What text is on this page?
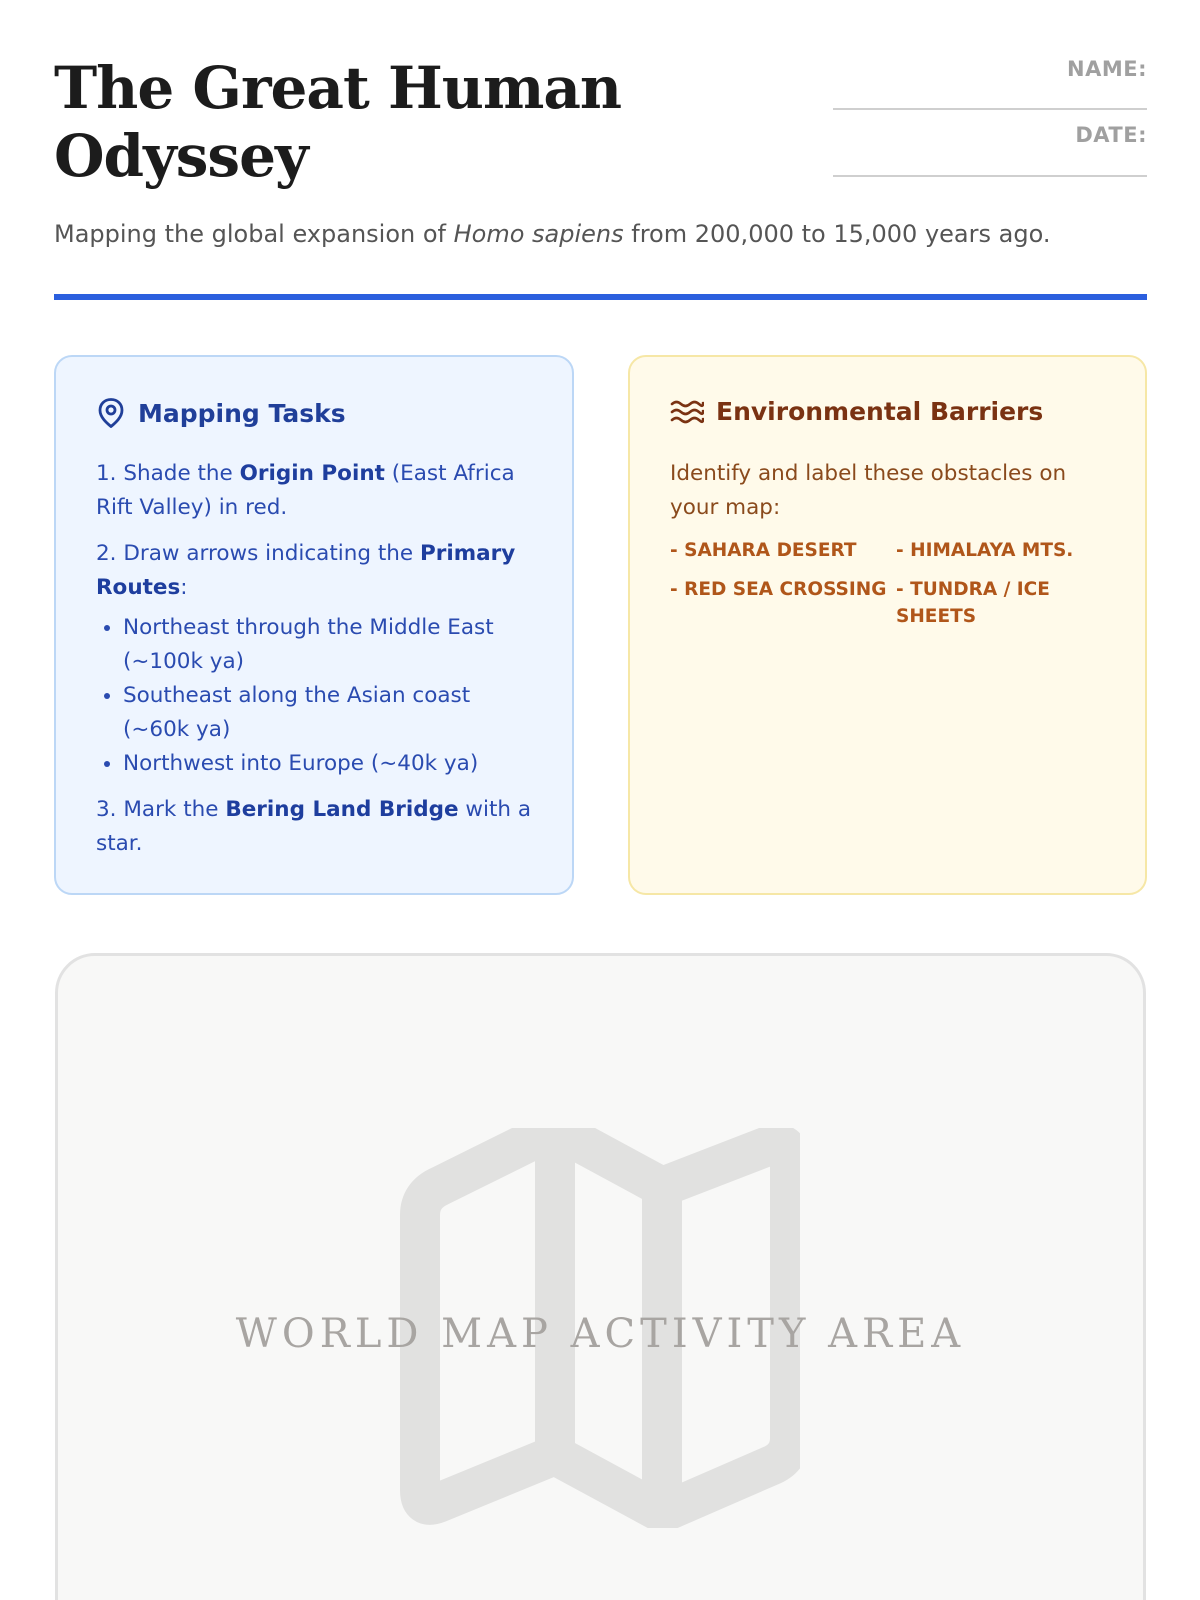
The Great Human Odyssey
NAME:
DATE:
Mapping the global expansion of Homo sapiens from 200,000 to 15,000 years ago.
Mapping Tasks

1. Shade the Origin Point (East Africa Rift Valley) in red.

2. Draw arrows indicating the Primary Routes:

• Northeast through the Middle East (~100k ya)
• Southeast along the Asian coast (~60k ya)
• Northwest into Europe (~40k ya)

3. Mark the Bering Land Bridge with a star.

Environmental Barriers

Identify and label these obstacles on your map:

- SAHARA DESERT	- HIMALAYA MTS.
- RED SEA CROSSING - TUNDRA / ICE SHEETS
WORLD MAP ACTIVITY AREA
